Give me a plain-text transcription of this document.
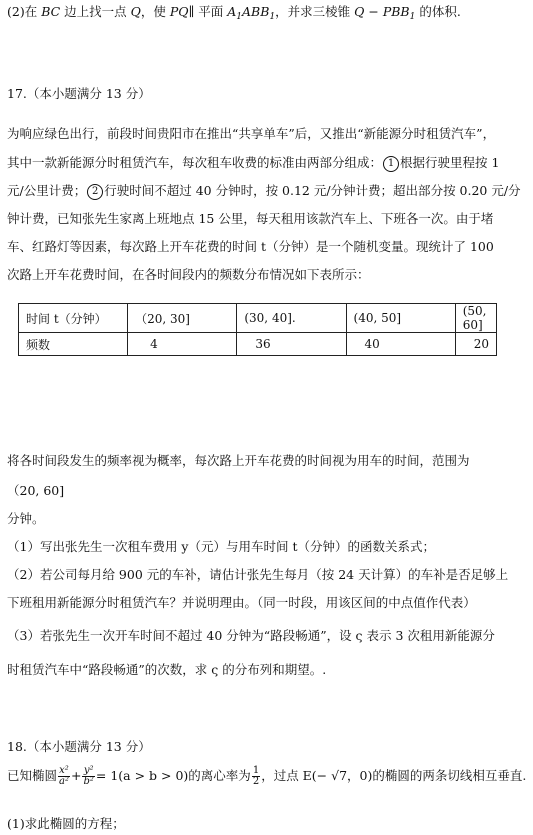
(2)在 BC 边上找一点 Q，使 PQ∥ 平面 $A_1ABB_1$，并求三棱锥 $Q - PBB_1$ 的体积.
17.（本小题满分 13 分）
为响应绿色出行，前段时间贵阳市在推出“共享单车”后，又推出“新能源分时租赁汽车”，
其中一款新能源分时租赁汽车，每次租车收费的标准由两部分组成： 1 根据行驶里程按 1
元/公里计费； 2 行驶时间不超过 40 分钟时，按 0.12 元/分钟计费；超出部分按 0.20 元/分
钟计费，已知张先生家离上班地点 15 公里，每天租用该款汽车上、下班各一次。由于堵
车、红路灯等因素，每次路上开车花费的时间 t（分钟）是一个随机变量。现统计了 100
次路上开车花费时间，在各时间段内的频数分布情况如下表所示：
时间 t（分钟）	（20, 30]	(30, 40].	(40, 50]	(50, 60]
频数	4	36	40	20
将各时间段发生的频率视为概率，每次路上开车花费的时间视为用车的时间，范围为
（20, 60]
分钟。
（1）写出张先生一次租车费用 y（元）与用车时间 t（分钟）的函数关系式；
（2）若公司每月给 900 元的车补，请估计张先生每月（按 24 天计算）的车补是否足够上
下班租用新能源分时租赁汽车？并说明理由。（同一时段，用该区间的中点值作代表）
（3）若张先生一次开车时间不超过 40 分钟为“路段畅通”，设 ς 表示 3 次租用新能源分
时租赁汽车中“路段畅通”的次数，求 ς 的分布列和期望。.
18.（本小题满分 13 分）
已知椭圆 $\frac{\text{x²}}{\text{a²}} + \frac{\text{y²}}{\text{b²}} = 1(a > b > 0)$的离心率为 $\frac{1}{2}$ ，过点 E(− √7，0)的椭圆的两条切线相互垂直.
(1)求此椭圆的方程；
